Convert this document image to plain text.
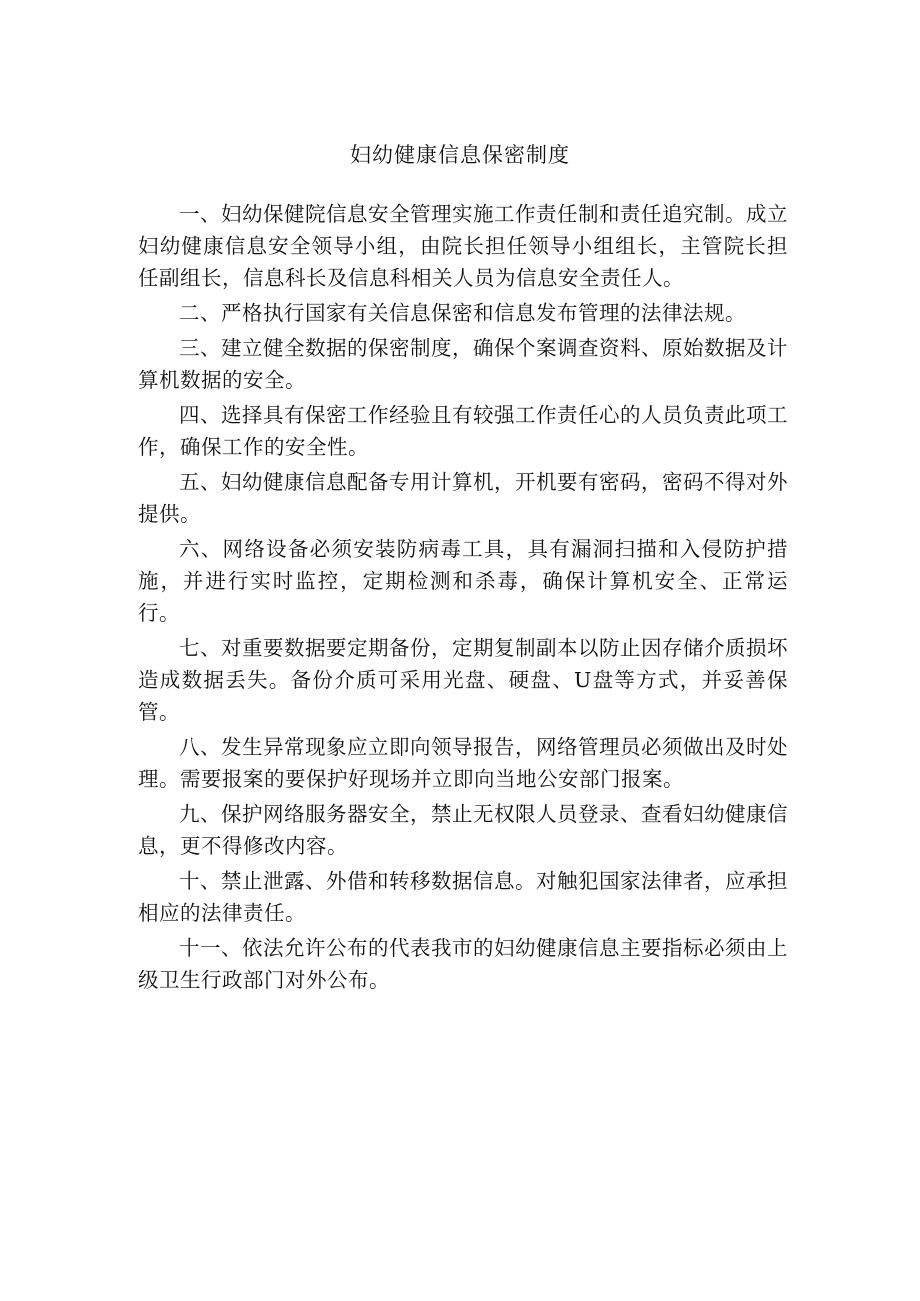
妇幼健康信息保密制度

一、妇幼保健院信息安全管理实施工作责任制和责任追究制。成立妇幼健康信息安全领导小组，由院长担任领导小组组长，主管院长担任副组长，信息科长及信息科相关人员为信息安全责任人。

二、严格执行国家有关信息保密和信息发布管理的法律法规。

三、建立健全数据的保密制度，确保个案调查资料、原始数据及计算机数据的安全。

四、选择具有保密工作经验且有较强工作责任心的人员负责此项工作，确保工作的安全性。

五、妇幼健康信息配备专用计算机，开机要有密码，密码不得对外提供。

六、网络设备必须安装防病毒工具，具有漏洞扫描和入侵防护措施，并进行实时监控，定期检测和杀毒，确保计算机安全、正常运行。

七、对重要数据要定期备份，定期复制副本以防止因存储介质损坏造成数据丢失。备份介质可采用光盘、硬盘、U盘等方式，并妥善保管。

八、发生异常现象应立即向领导报告，网络管理员必须做出及时处理。需要报案的要保护好现场并立即向当地公安部门报案。

九、保护网络服务器安全，禁止无权限人员登录、查看妇幼健康信息，更不得修改内容。

十、禁止泄露、外借和转移数据信息。对触犯国家法律者，应承担相应的法律责任。

十一、依法允许公布的代表我市的妇幼健康信息主要指标必须由上级卫生行政部门对外公布。
